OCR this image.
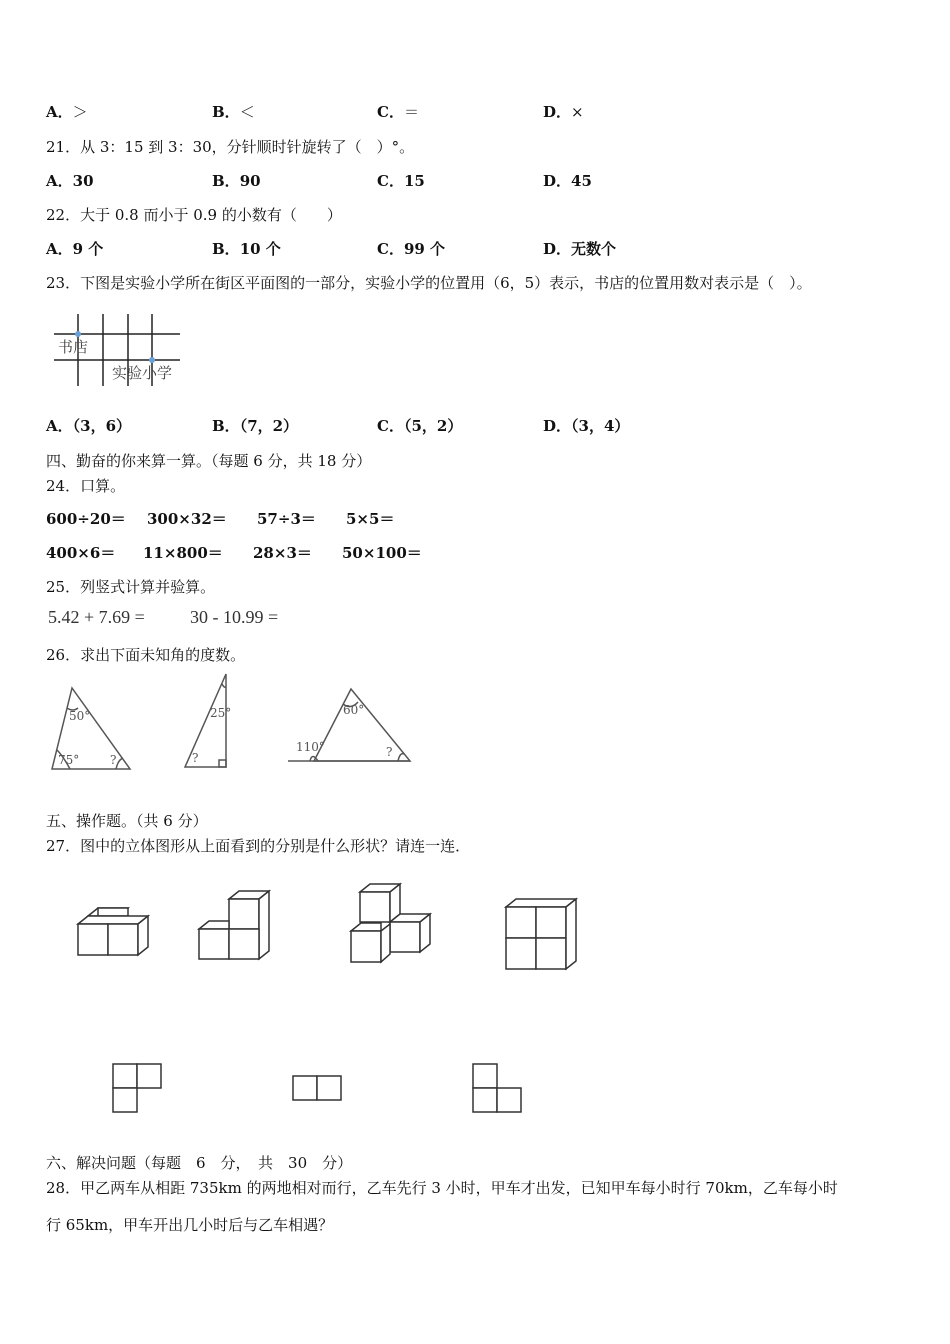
A．＞	B．＜	C．＝	D．×
21．从 3：15 到 3：30，分针顺时针旋转了（　）°。
A．30	B．90	C．15	D．45
22．大于 0.8 而小于 0.9 的小数有（　　）
A．9 个	B．10 个	C．99 个	D．无数个
23．下图是实验小学所在街区平面图的一部分，实验小学的位置用（6，5）表示，书店的位置用数对表示是（　）。
书店
实验小学
A．（3，6）	B．（7，2）	C．（5，2）	D．（3，4）
四、勤奋的你来算一算。（每题 6 分，共 18 分）
24．口算。
600÷20＝ 300×32＝ 57÷3＝ 5×5＝
400×6＝ 11×800＝ 28×3＝ 50×100＝
25．列竖式计算并验算。
5.42 + 7.69 =	30 - 10.99 =
26．求出下面未知角的度数。
50°
75°	?
25°
?
60°
110°	?
五、操作题。（共 6 分）
27．图中的立体图形从上面看到的分别是什么形状？请连一连．
六、解决问题（每题　6　分，　共　30　分）
28．甲乙两车从相距 735km 的两地相对而行，乙车先行 3 小时，甲车才出发，已知甲车每小时行 70km，乙车每小时
行 65km，甲车开出几小时后与乙车相遇？
